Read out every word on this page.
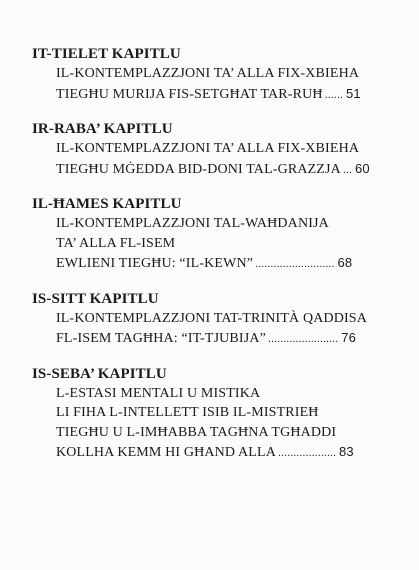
IT-TIELET KAPITLU
IL-KONTEMPLAZZJONI TA’ ALLA FIX-XBIEHA
TIEGĦU MURIJA FIS-SETGĦAT TAR-RUĦ ...... 51
IR-RABA’ KAPITLU
IL-KONTEMPLAZZJONI TA’ ALLA FIX-XBIEHA
TIEGĦU MĠEDDA BID-DONI TAL-GRAZZJA ... 60
IL-ĦAMES KAPITLU
IL-KONTEMPLAZZJONI TAL-WAĦDANIJA
TA’ ALLA FL-ISEM
EWLIENI TIEGĦU: “IL-KEWN” .......................... 68
IS-SITT KAPITLU
IL-KONTEMPLAZZJONI TAT-TRINITÀ QADDISA
FL-ISEM TAGĦHA: “IT-TJUBIJA” ....................... 76
IS-SEBA’ KAPITLU
L-ESTASI MENTALI U MISTIKA
LI FIHA L-INTELLETT ISIB IL-MISTRIEĦ
TIEGĦU U L-IMĦABBA TAGĦNA TGĦADDI
KOLLHA KEMM HI GĦAND ALLA ................... 83
